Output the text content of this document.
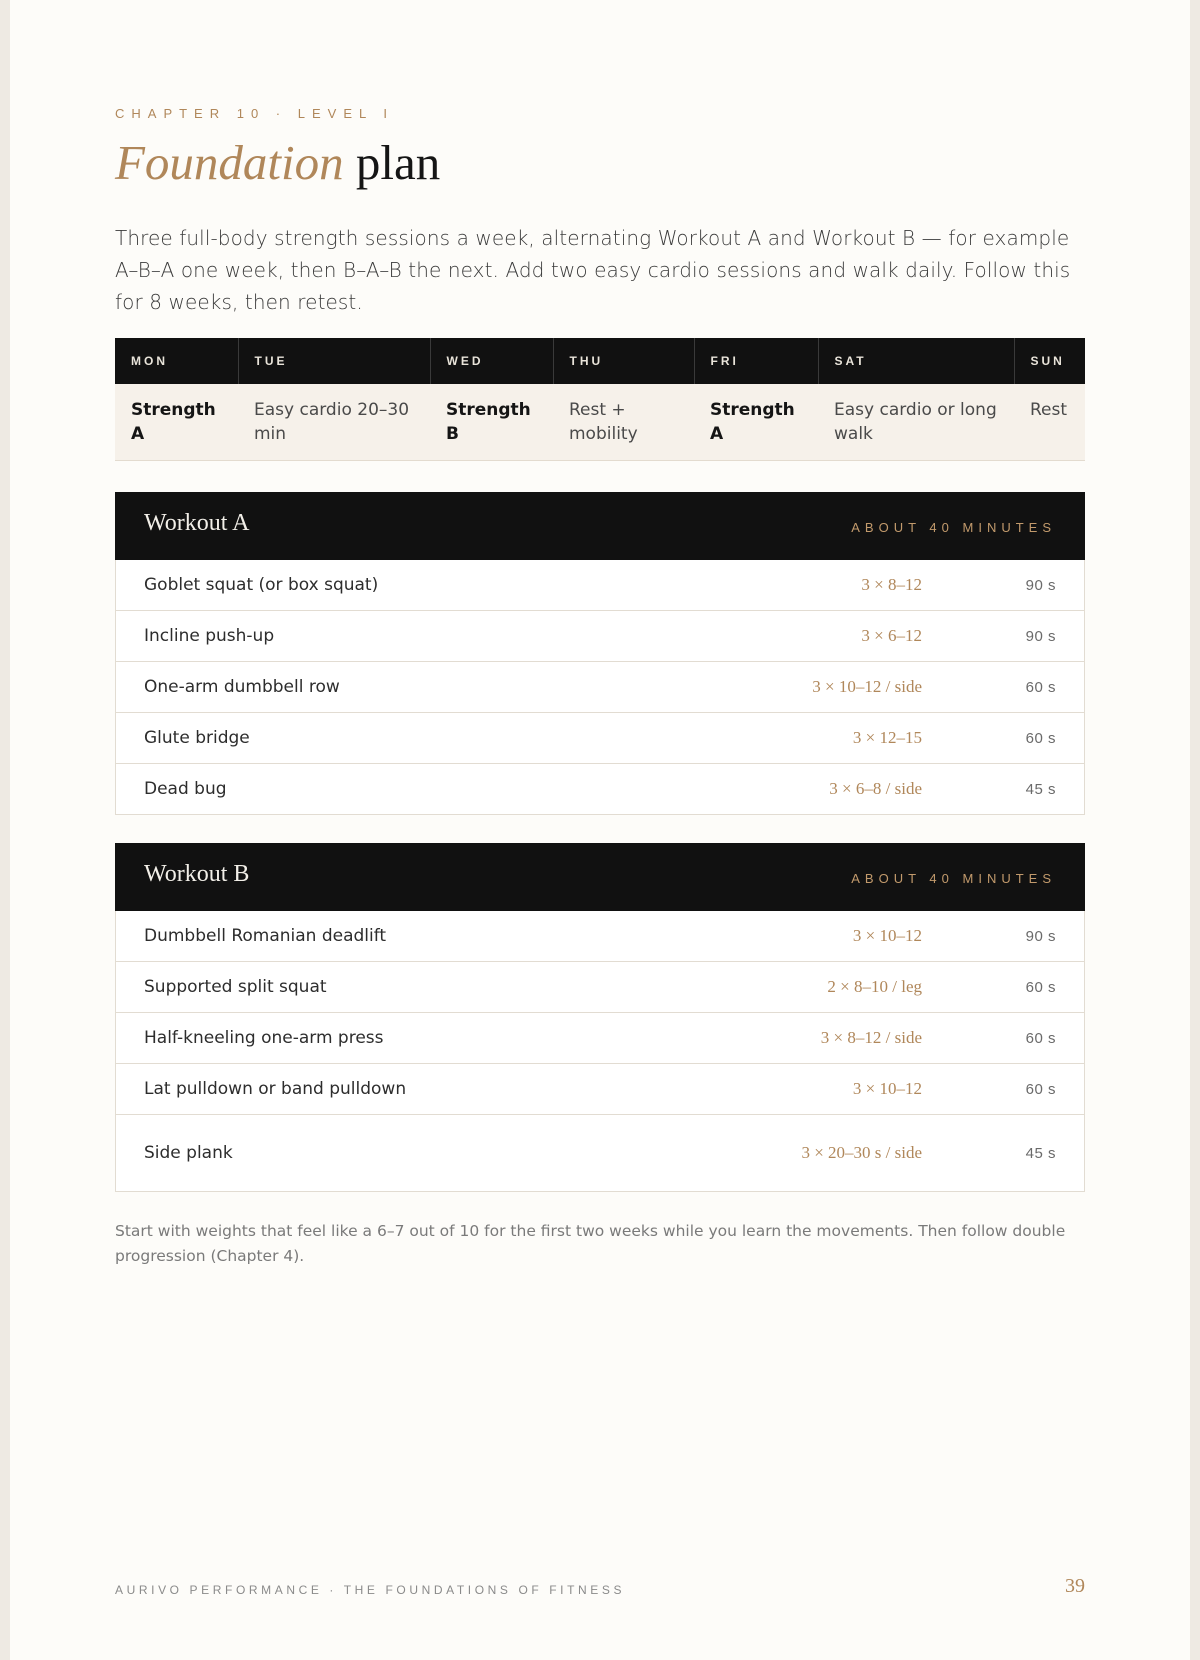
CHAPTER 10 · LEVEL I
Foundation plan

Three full-body strength sessions a week, alternating Workout A and Workout B — for example A–B–A one week, then B–A–B the next. Add two easy cardio sessions and walk daily. Follow this for 8 weeks, then retest.

MON	TUE	WED	THU	FRI	SAT	SUN
Strength A	Easy cardio 20–30 min	Strength B	Rest + mobility	Strength A	Easy cardio or long walk	Rest
Workout A	ABOUT 40 MINUTES
Goblet squat (or box squat)	3 × 8–12	90 s
Incline push-up	3 × 6–12	90 s
One-arm dumbbell row	3 × 10–12 / side	60 s
Glute bridge	3 × 12–15	60 s
Dead bug	3 × 6–8 / side	45 s
Workout B	ABOUT 40 MINUTES
Dumbbell Romanian deadlift	3 × 10–12	90 s
Supported split squat	2 × 8–10 / leg	60 s
Half-kneeling one-arm press	3 × 8–12 / side	60 s
Lat pulldown or band pulldown	3 × 10–12	60 s
Side plank	3 × 20–30 s / side	45 s

Start with weights that feel like a 6–7 out of 10 for the first two weeks while you learn the movements. Then follow double progression (Chapter 4).

AURIVO PERFORMANCE · THE FOUNDATIONS OF FITNESS	39
